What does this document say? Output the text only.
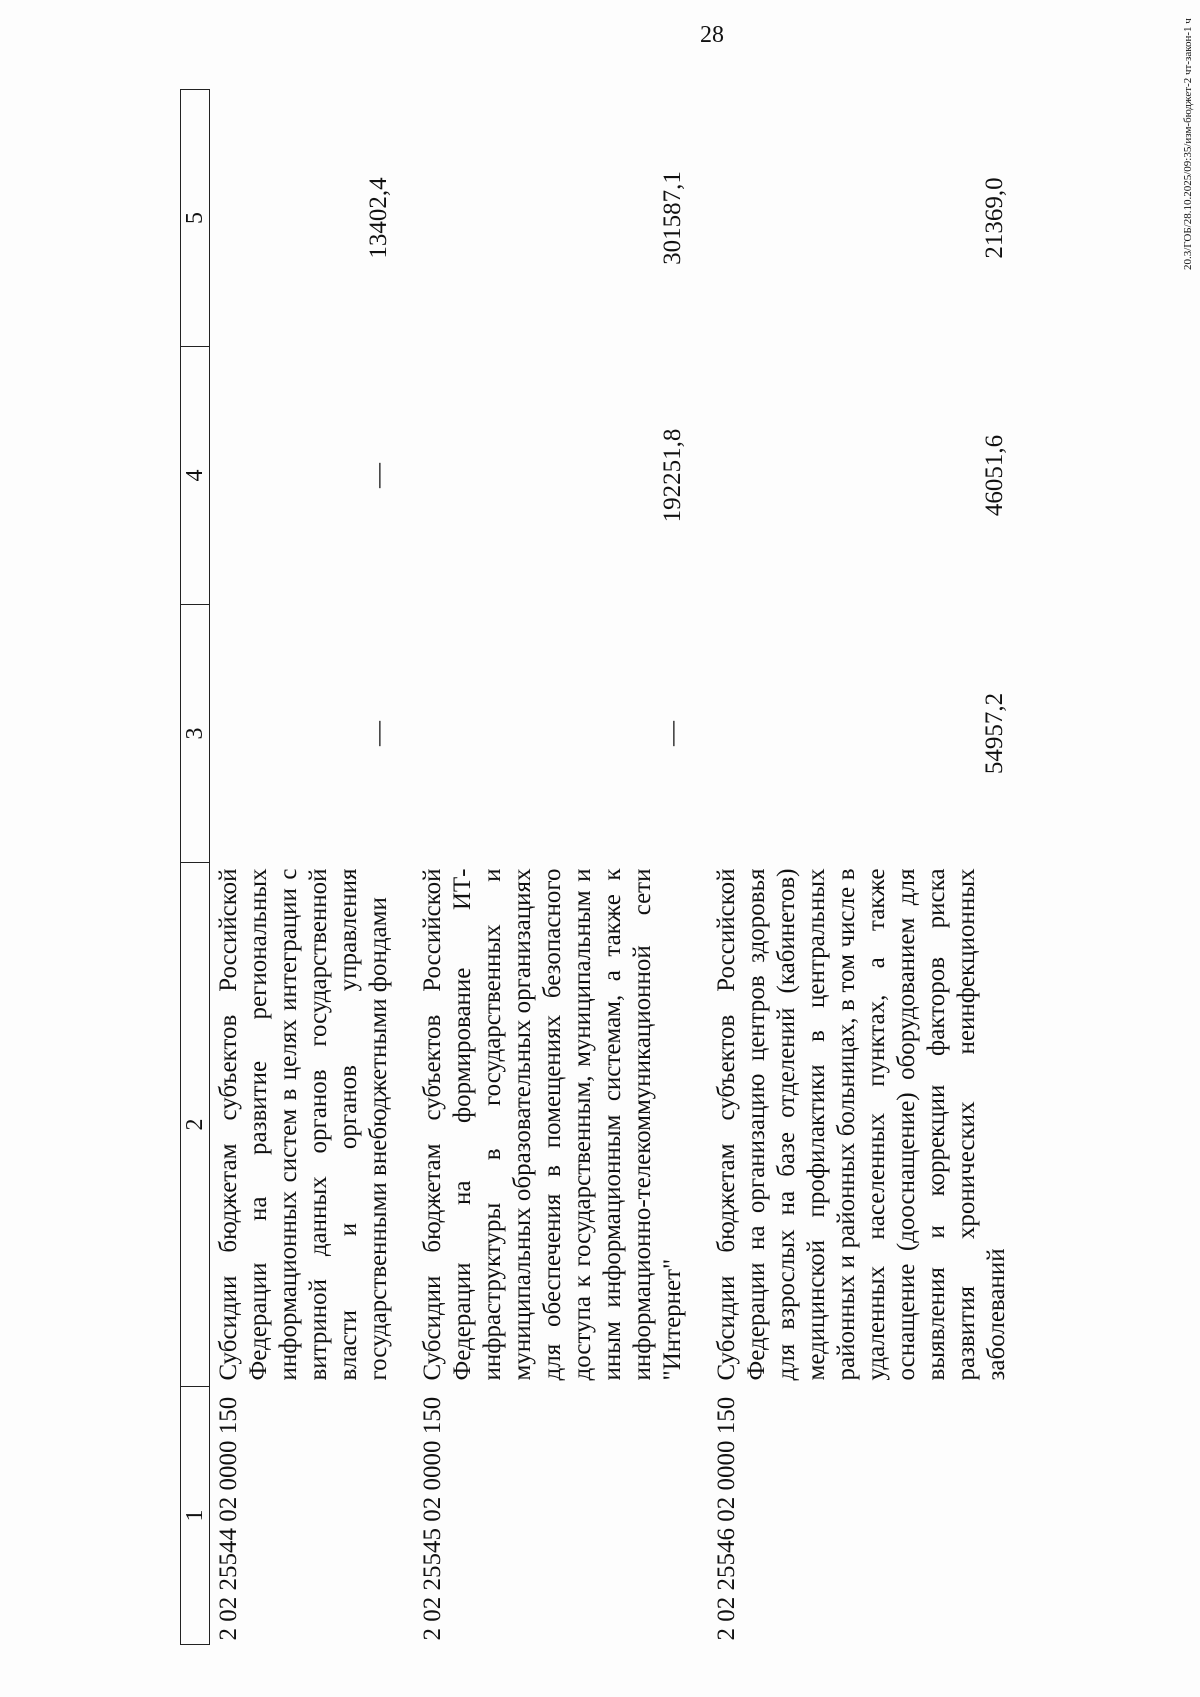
28	20.3/ГОБ/28.10.2025/09:35/изм-бюджет-2 чт-закон-1 ч
1	2	3	4	5
2 02 25544 02 0000 150	Субсидии бюджетам субъектов Российской Федерации на развитие региональных информационных систем в целях интеграции с витриной данных органов государственной власти и органов управления государственными внебюджетными фондами	—	—	13402,4
2 02 25545 02 0000 150	Субсидии бюджетам субъектов Российской Федерации на формирование ИТ-инфраструктуры в государственных и муниципальных образовательных организациях для обеспечения в помещениях безопасного доступа к государственным, муниципальным и иным информационным системам, а также к информационно-телекоммуникационной сети "Интернет"	—	192251,8	301587,1
2 02 25546 02 0000 150	Субсидии бюджетам субъектов Российской Федерации на организацию центров здоровья для взрослых на базе отделений (кабинетов) медицинской профилактики в центральных районных и районных больницах, в том числе в удаленных населенных пунктах, а также оснащение (дооснащение) оборудованием для выявления и коррекции факторов риска развития хронических неинфекционных заболеваний	54957,2	46051,6	21369,0
